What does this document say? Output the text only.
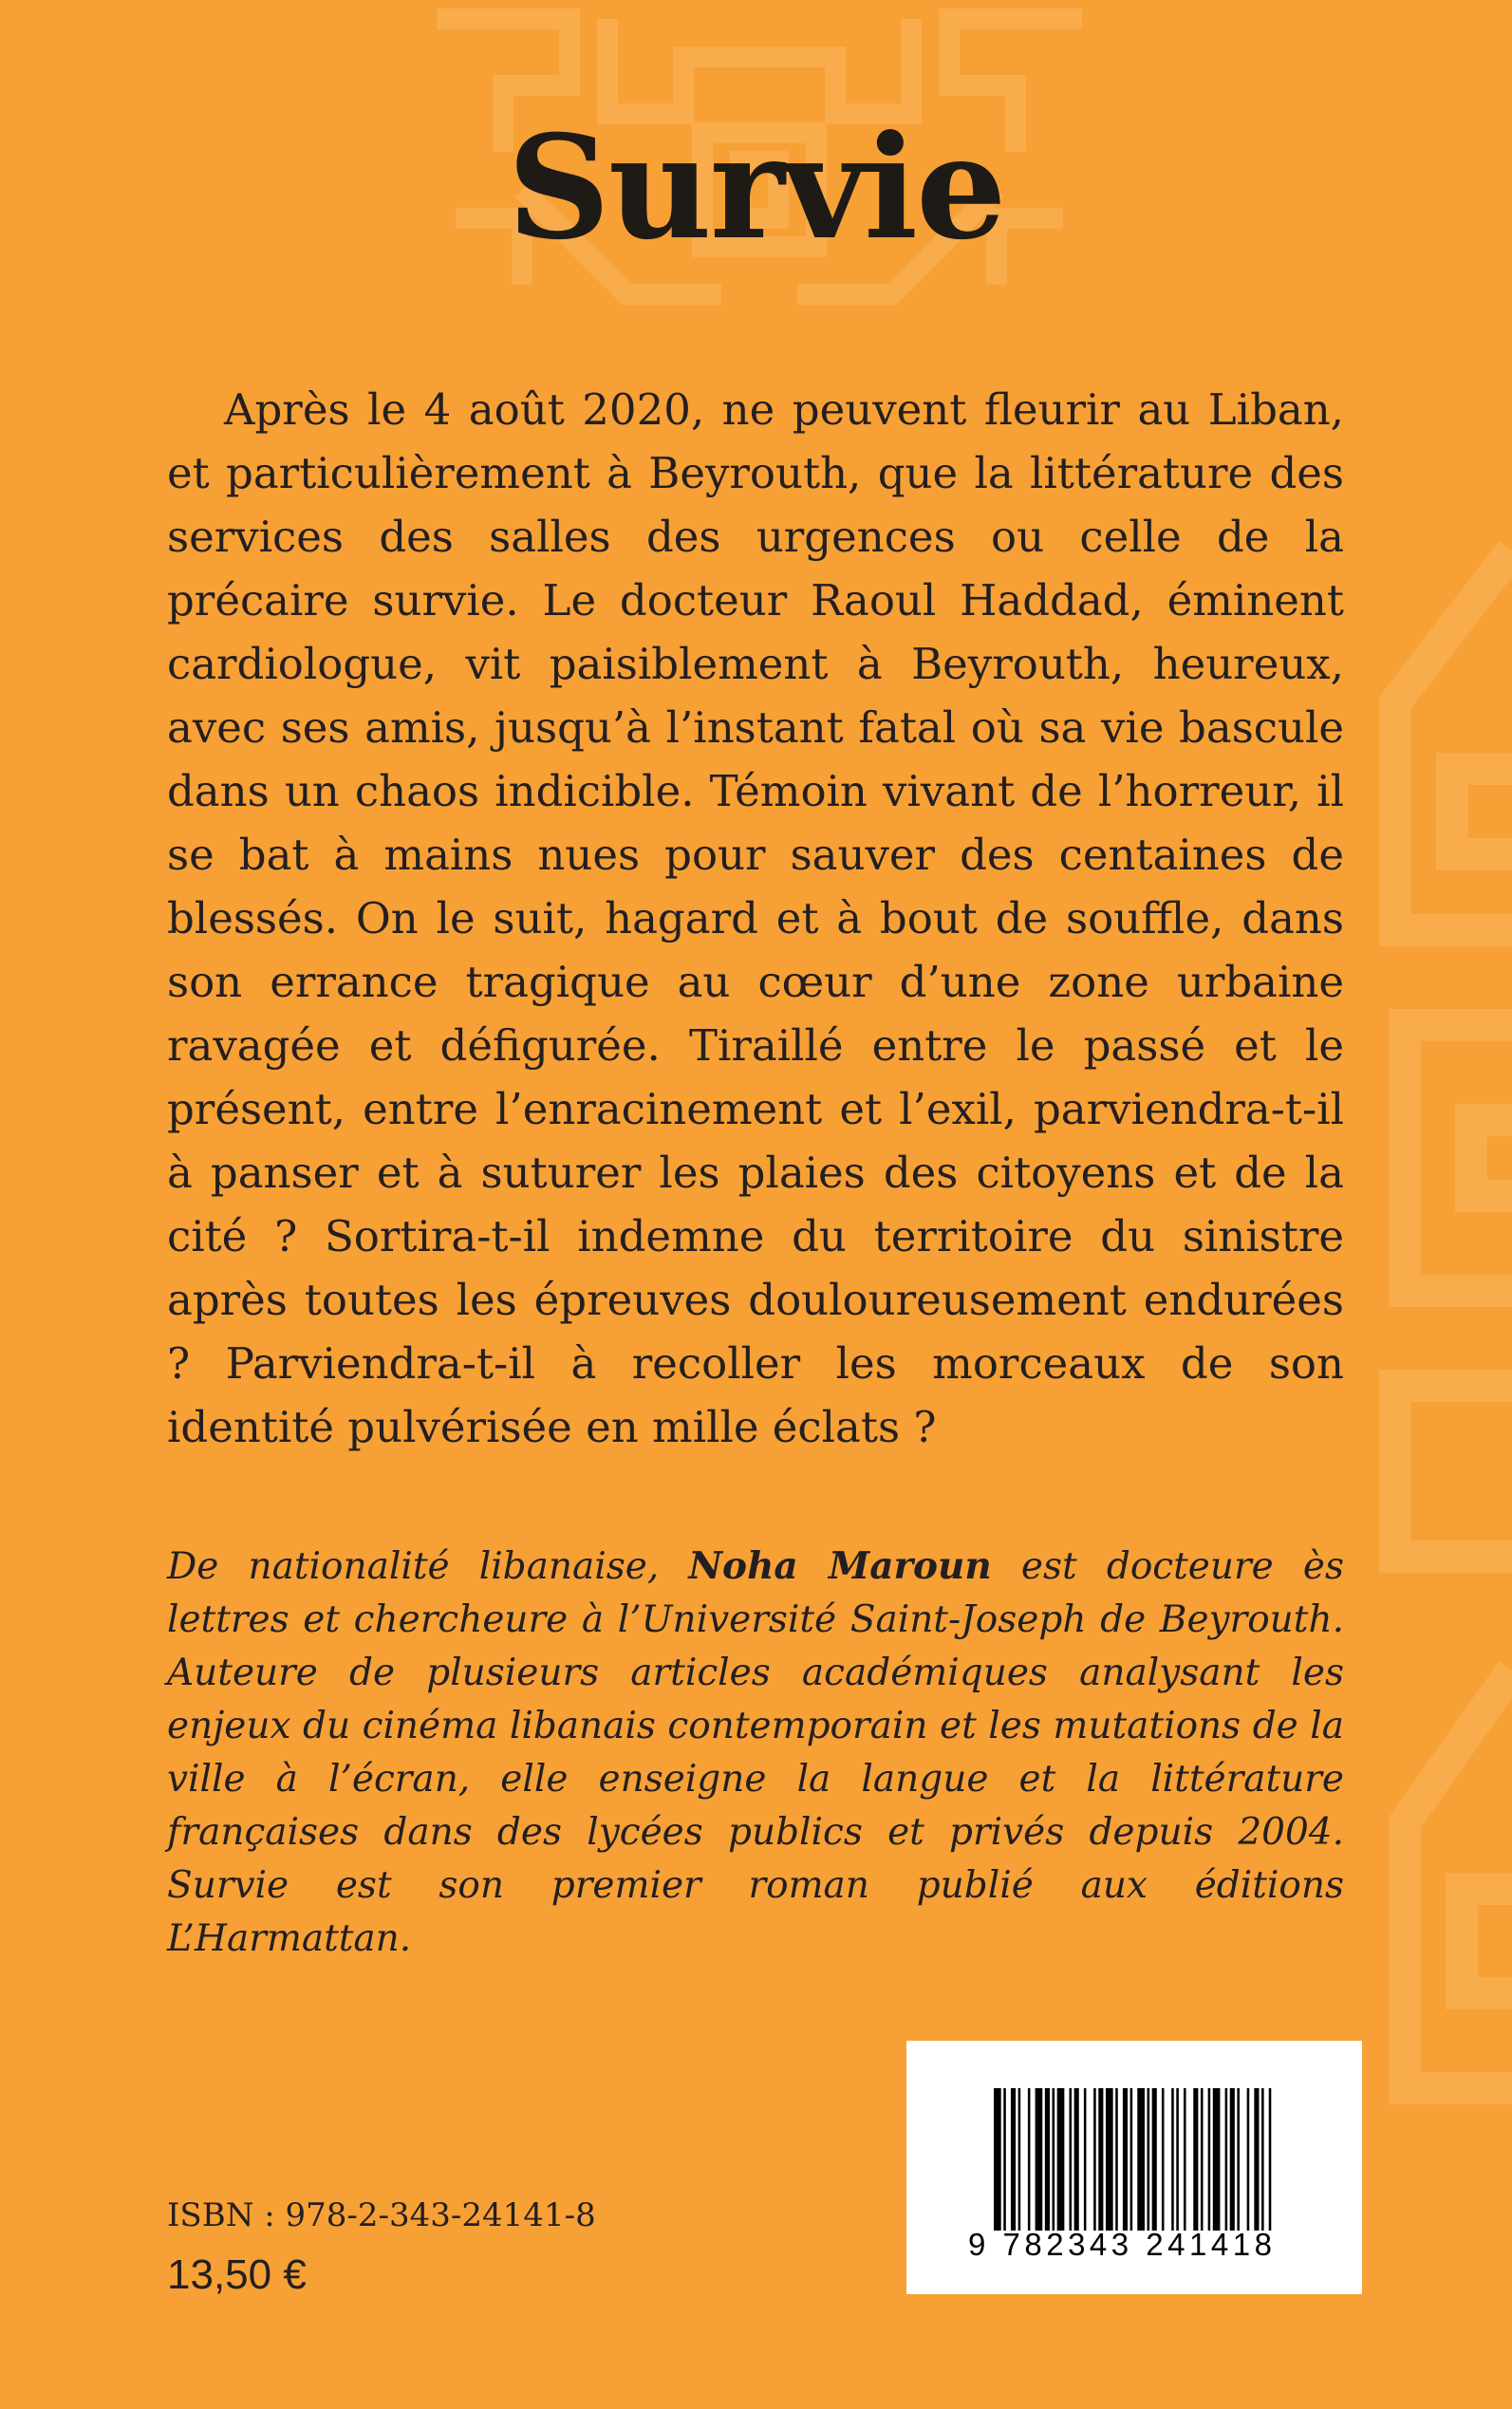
Survie

Après le 4 août 2020, ne peuvent fleurir au Liban, et particulièrement à Beyrouth, que la littérature des services des salles des urgences ou celle de la précaire survie. Le docteur Raoul Haddad, éminent cardiologue, vit paisiblement à Beyrouth, heureux, avec ses amis, jusqu’à l’instant fatal où sa vie bascule dans un chaos indicible. Témoin vivant de l’horreur, il se bat à mains nues pour sauver des centaines de blessés. On le suit, hagard et à bout de souffle, dans son errance tragique au cœur d’une zone urbaine ravagée et défigurée. Tiraillé entre le passé et le présent, entre l’enracinement et l’exil, parviendra-t-il à panser et à suturer les plaies des citoyens et de la cité ? Sortira-t-il indemne du territoire du sinistre après toutes les épreuves douloureusement endurées ? Parviendra-t-il à recoller les morceaux de son identité pulvérisée en mille éclats ?

De nationalité libanaise, Noha Maroun est docteure ès lettres et chercheure à l’Université Saint-Joseph de Beyrouth. Auteure de plusieurs articles académiques analysant les enjeux du cinéma libanais contemporain et les mutations de la ville à l’écran, elle enseigne la langue et la littérature françaises dans des lycées publics et privés depuis 2004. Survie est son premier roman publié aux éditions L’Harmattan.

9 782343 241418
ISBN : 978-2-343-24141-8
13,50 €
